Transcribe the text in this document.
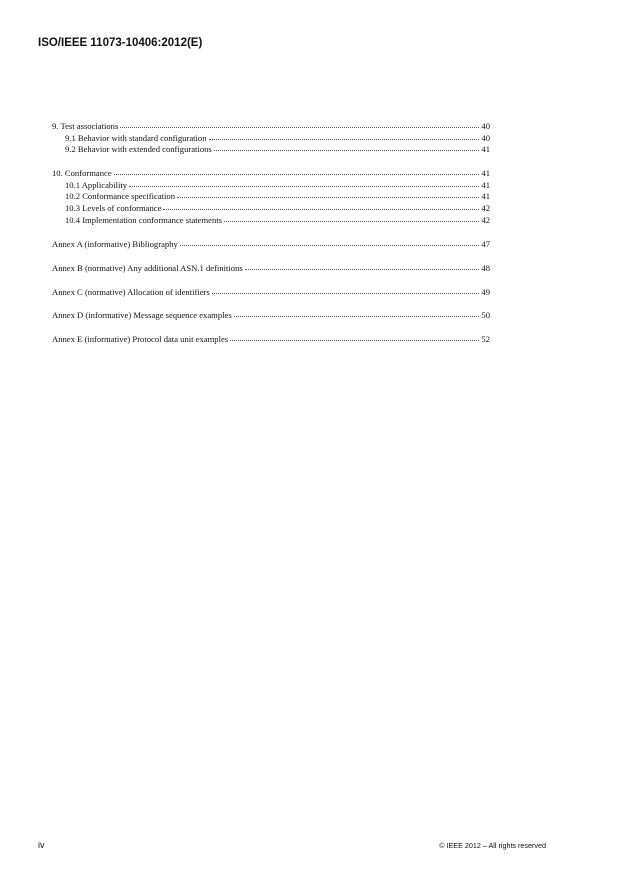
ISO/IEEE 11073-10406:2012(E)
9. Test associations	40
9.1 Behavior with standard configuration	40
9.2 Behavior with extended configurations	41
10. Conformance	41
10.1 Applicability	41
10.2 Conformance specification	41
10.3 Levels of conformance	42
10.4 Implementation conformance statements	42
Annex A (informative) Bibliography	47
Annex B (normative) Any additional ASN.1 definitions	48
Annex C (normative) Allocation of identifiers	49
Annex D (informative) Message sequence examples	50
Annex E (informative) Protocol data unit examples	52
iv	© IEEE 2012 – All rights reserved
